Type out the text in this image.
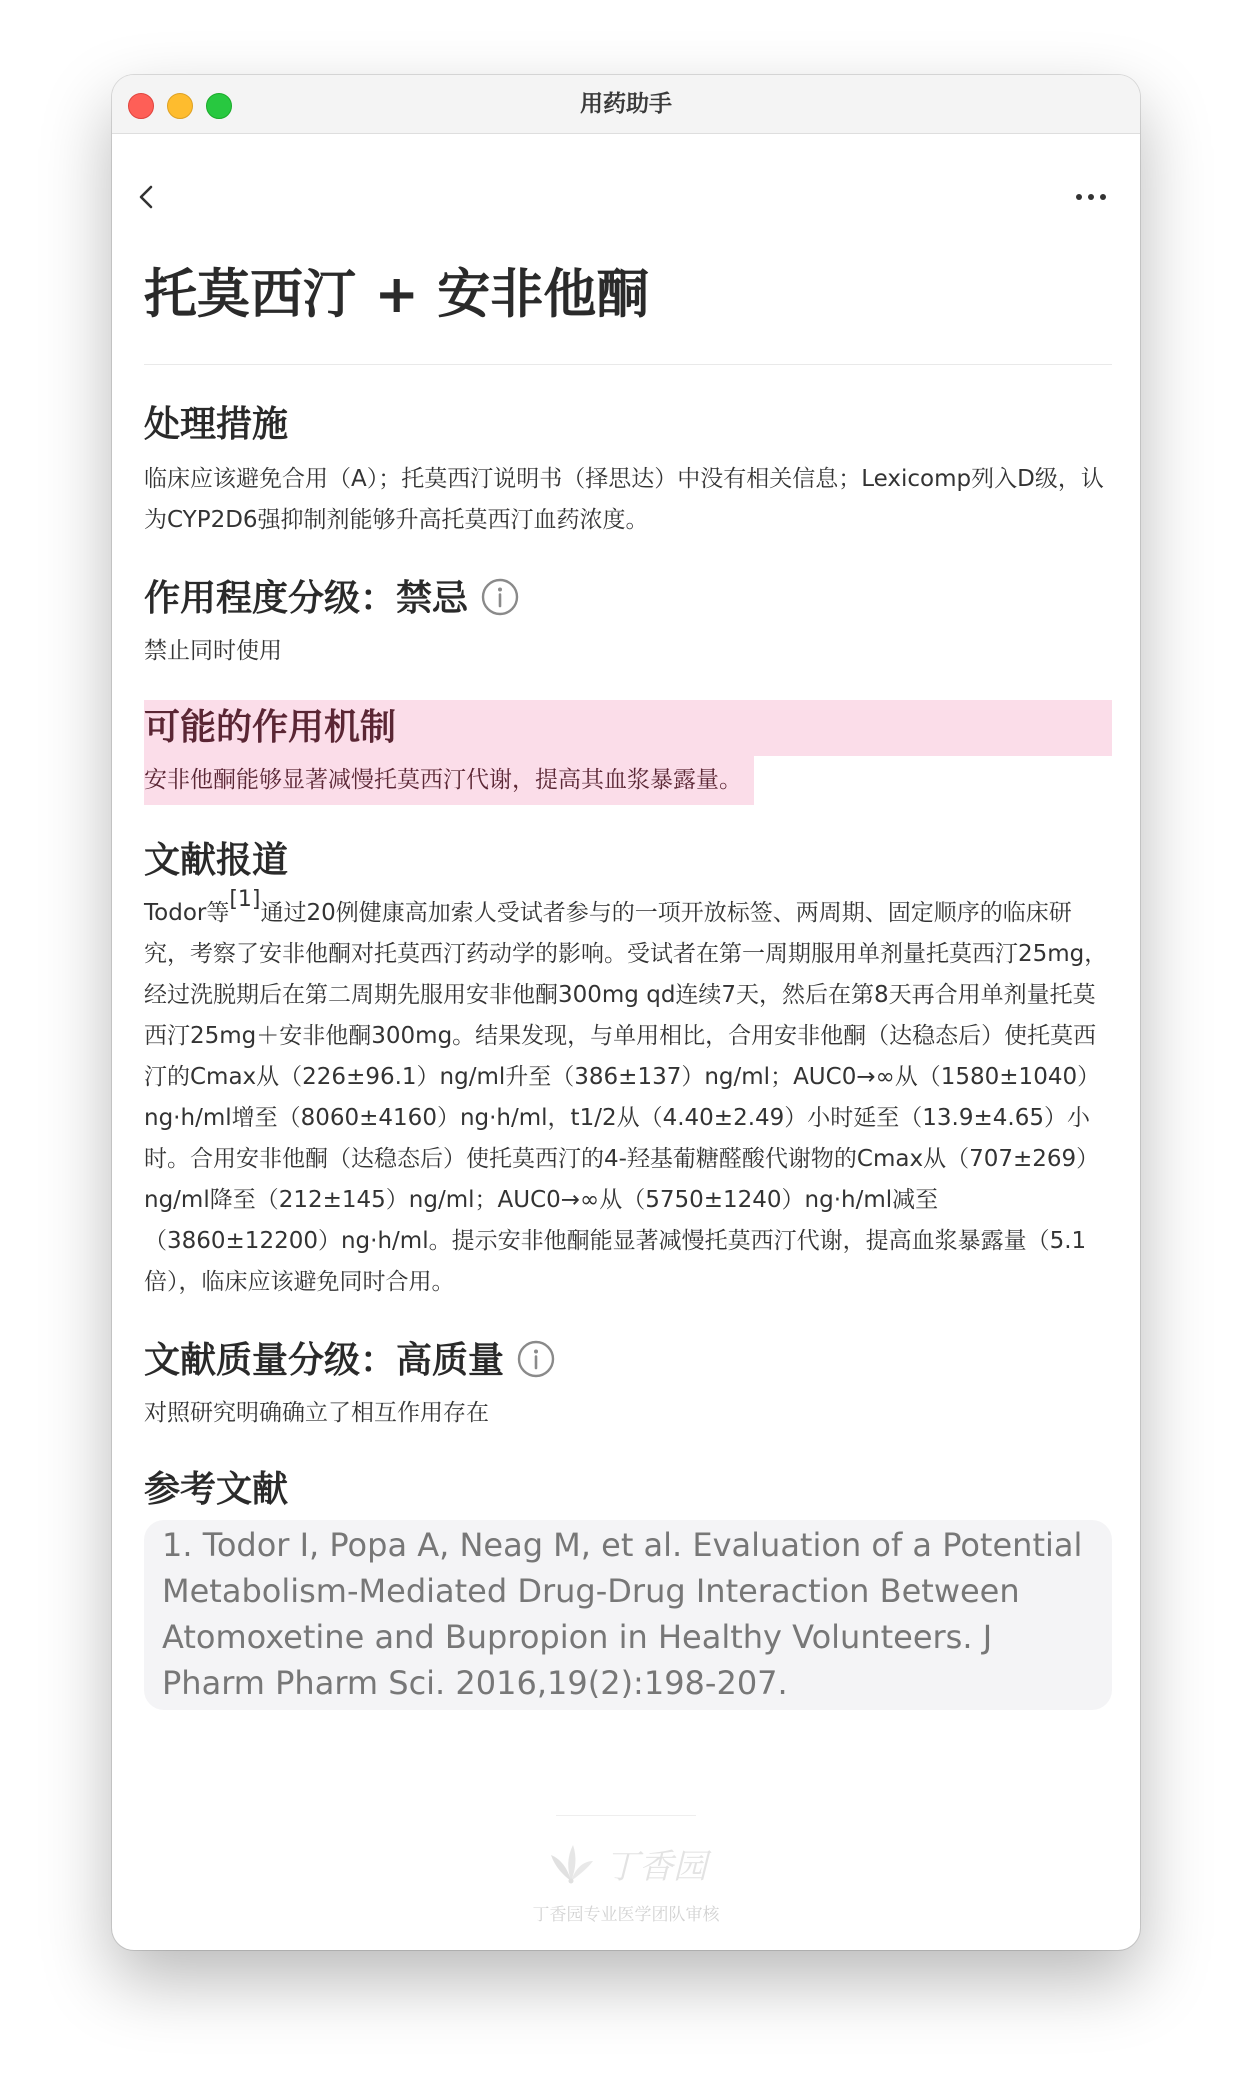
用药助手
托莫西汀 + 安非他酮
处理措施

临床应该避免合用（A）；托莫西汀说明书（择思达）中没有相关信息；Lexicomp列入D级，认为CYP2D6强抑制剂能够升高托莫西汀血药浓度。

作用程度分级：禁忌

禁止同时使用

可能的作用机制

安非他酮能够显著减慢托莫西汀代谢，提高其血浆暴露量。

文献报道

Todor等[1]通过20例健康高加索人受试者参与的一项开放标签、两周期、固定顺序的临床研究，考察了安非他酮对托莫西汀药动学的影响。受试者在第一周期服用单剂量托莫西汀25mg，经过洗脱期后在第二周期先服用安非他酮300mg qd连续7天，然后在第8天再合用单剂量托莫西汀25mg＋安非他酮300mg。结果发现，与单用相比，合用安非他酮（达稳态后）使托莫西汀的Cmax从（226±96.1）ng/ml升至（386±137）ng/ml；AUC0→∞从（1580±1040）ng·h/ml增至（8060±4160）ng·h/ml，t1/2从（4.40±2.49）小时延至（13.9±4.65）小时。合用安非他酮（达稳态后）使托莫西汀的4-羟基葡糖醛酸代谢物的Cmax从（707±269）ng/ml降至（212±145）ng/ml；AUC0→∞从（5750±1240）ng·h/ml减至（3860±12200）ng·h/ml。提示安非他酮能显著减慢托莫西汀代谢，提高血浆暴露量（5.1倍），临床应该避免同时合用。

文献质量分级：高质量

对照研究明确确立了相互作用存在

参考文献
1. Todor I, Popa A, Neag M, et al. Evaluation of a Potential Metabolism-Mediated Drug-Drug Interaction Between Atomoxetine and Bupropion in Healthy Volunteers. J Pharm Pharm Sci. 2016,19(2):198-207.
丁香园
丁香园专业医学团队审核
